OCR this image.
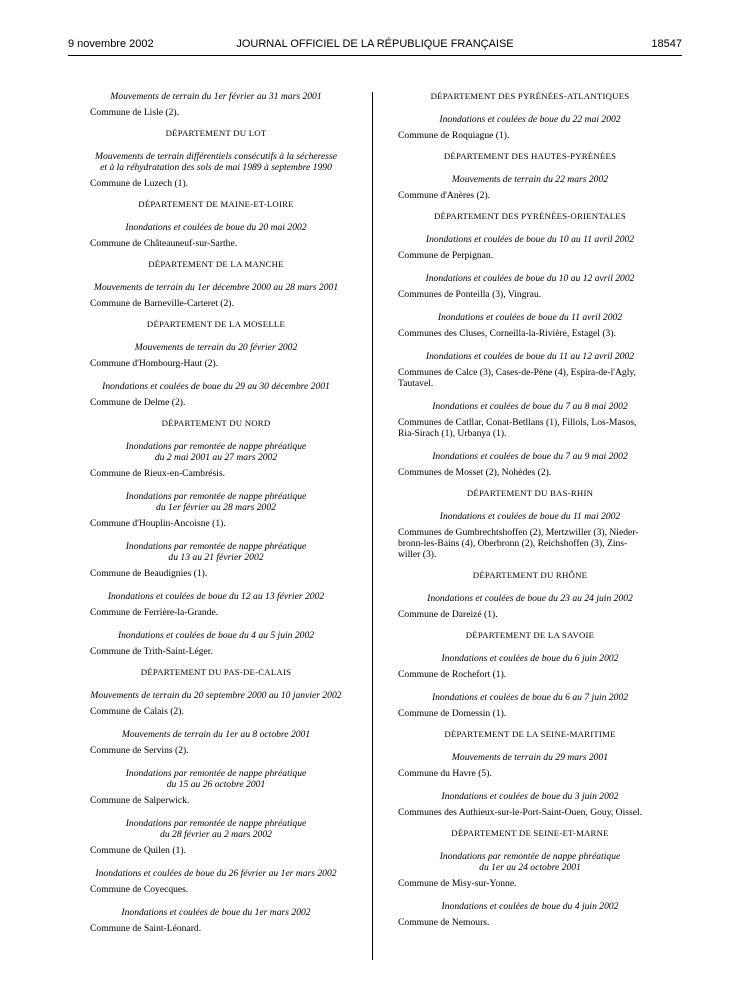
9 novembre 2002	JOURNAL OFFICIEL DE LA RÉPUBLIQUE FRANÇAISE	18547
Mouvements de terrain du 1er février au 31 mars 2001
Commune de Lisle (2).
DÉPARTEMENT DU LOT
Mouvements de terrain différentiels consécutifs à la sécheresse
et à la réhydratation des sols de mai 1989 à septembre 1990
Commune de Luzech (1).
DÉPARTEMENT DE MAINE-ET-LOIRE
Inondations et coulées de boue du 20 mai 2002
Commune de Châteauneuf-sur-Sarthe.
DÉPARTEMENT DE LA MANCHE
Mouvements de terrain du 1er décembre 2000 au 28 mars 2001
Commune de Barneville-Carteret (2).
DÉPARTEMENT DE LA MOSELLE
Mouvements de terrain du 20 février 2002
Commune d'Hombourg-Haut (2).
Inondations et coulées de boue du 29 au 30 décembre 2001
Commune de Delme (2).
DÉPARTEMENT DU NORD
Inondations par remontée de nappe phréatique
du 2 mai 2001 au 27 mars 2002
Commune de Rieux-en-Cambrésis.
Inondations par remontée de nappe phréatique
du 1er février au 28 mars 2002
Commune d'Houplin-Ancoisne (1).
Inondations par remontée de nappe phréatique
du 13 au 21 février 2002
Commune de Beaudignies (1).
Inondations et coulées de boue du 12 au 13 février 2002
Commune de Ferrière-la-Grande.
Inondations et coulées de boue du 4 au 5 juin 2002
Commune de Trith-Saint-Léger.
DÉPARTEMENT DU PAS-DE-CALAIS
Mouvements de terrain du 20 septembre 2000 au 10 janvier 2002
Commune de Calais (2).
Mouvements de terrain du 1er au 8 octobre 2001
Commune de Servins (2).
Inondations par remontée de nappe phréatique
du 15 au 26 octobre 2001
Commune de Salperwick.
Inondations par remontée de nappe phréatique
du 28 février au 2 mars 2002
Commune de Quilen (1).
Inondations et coulées de boue du 26 février au 1er mars 2002
Commune de Coyecques.
Inondations et coulées de boue du 1er mars 2002
Commune de Saint-Léonard.
DÉPARTEMENT DES PYRÉNÉES-ATLANTIQUES
Inondations et coulées de boue du 22 mai 2002
Commune de Roquiague (1).
DÉPARTEMENT DES HAUTES-PYRÉNÉES
Mouvements de terrain du 22 mars 2002
Commune d'Anères (2).
DÉPARTEMENT DES PYRÉNÉES-ORIENTALES
Inondations et coulées de boue du 10 au 11 avril 2002
Commune de Perpignan.
Inondations et coulées de boue du 10 au 12 avril 2002
Communes de Ponteilla (3), Vingrau.
Inondations et coulées de boue du 11 avril 2002
Communes des Cluses, Corneilla-la-Rivière, Estagel (3).
Inondations et coulées de boue du 11 au 12 avril 2002
Communes de Calce (3), Cases-de-Pène (4), Espira-de-l'Agly,
Tautavel.
Inondations et coulées de boue du 7 au 8 mai 2002
Communes de Catllar, Conat-Betllans (1), Fillols, Los-Masos,
Ria-Sirach (1), Urbanya (1).
Inondations et coulées de boue du 7 au 9 mai 2002
Communes de Mosset (2), Nohèdes (2).
DÉPARTEMENT DU BAS-RHIN
Inondations et coulées de boue du 11 mai 2002
Communes de Gumbrechtshoffen (2), Mertzwiller (3), Nieder-
bronn-les-Bains (4), Oberbronn (2), Reichshoffen (3), Zins-
willer (3).
DÉPARTEMENT DU RHÔNE
Inondations et coulées de boue du 23 au 24 juin 2002
Commune de Dareizé (1).
DÉPARTEMENT DE LA SAVOIE
Inondations et coulées de boue du 6 juin 2002
Commune de Rochefort (1).
Inondations et coulées de boue du 6 au 7 juin 2002
Commune de Domessin (1).
DÉPARTEMENT DE LA SEINE-MARITIME
Mouvements de terrain du 29 mars 2001
Commune du Havre (5).
Inondations et coulées de boue du 3 juin 2002
Communes des Authieux-sur-le-Port-Saint-Ouen, Gouy, Oissel.
DÉPARTEMENT DE SEINE-ET-MARNE
Inondations par remontée de nappe phréatique
du 1er au 24 octobre 2001
Commune de Misy-sur-Yonne.
Inondations et coulées de boue du 4 juin 2002
Commune de Nemours.
